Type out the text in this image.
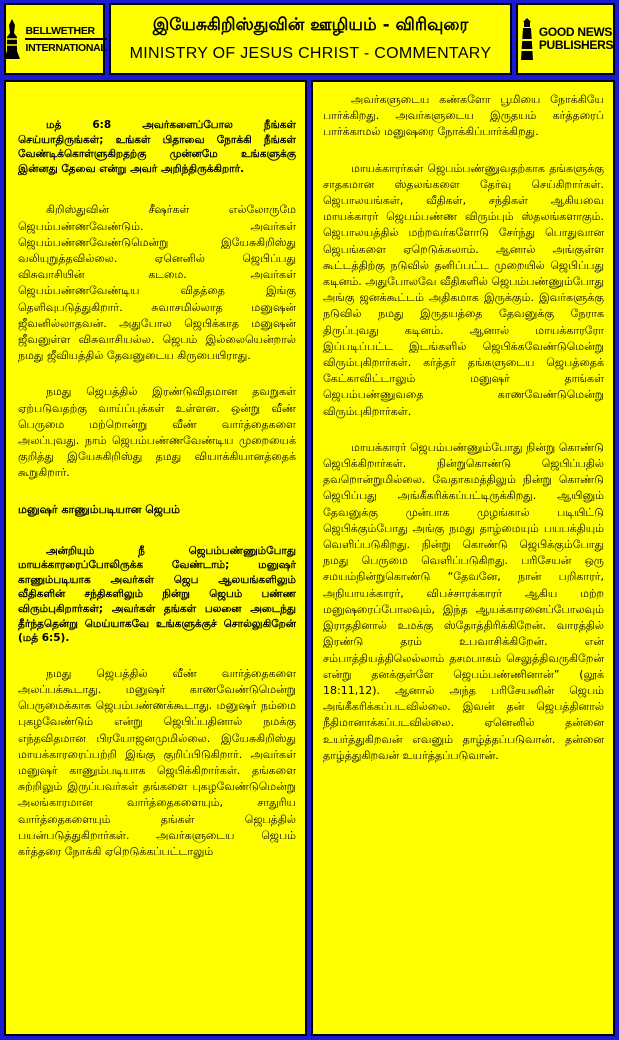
BELLWETHER
INTERNATIONAL
இயேசுகிறிஸ்துவின் ஊழியம் - விரிவுரை
MINISTRY OF JESUS CHRIST - COMMENTARY
GOOD NEWS
PUBLISHERS

மத் 6:8 அவர்களைப்போல நீங்கள் செய்யாதிருங்கள்; உங்கள் பிதாவை நோக்கி நீங்கள் வேண்டிக்கொள்ளுகிறதற்கு முன்னமே உங்களுக்கு இன்னது தேவை என்று அவர் அறிந்திருக்கிறார்.

கிறிஸ்துவின் சீஷர்கள் எல்லோருமே ஜெபம்பண்ணவேண்டும். அவர்கள் ஜெபம்பண்ணவேண்டுமென்று இயேசுகிறிஸ்து வலியுறுத்தவில்லை. ஏனெனில் ஜெபிப்பது விசுவாசியின் கடமை. அவர்கள் ஜெபம்பண்ணவேண்டிய விதத்தை இங்கு தெளிவுபடுத்துகிறார். சுவாசமில்லாத மனுஷன் ஜீவனில்லாதவன். அதுபோல ஜெபிக்காத மனுஷன் ஜீவனுள்ள விசுவாசியல்ல. ஜெபம் இல்லையென்றால் நமது ஜீவியத்தில் தேவனுடைய கிருபையிராது.

நமது ஜெபத்தில் இரண்டுவிதமான தவறுகள் ஏற்படுவதற்கு வாய்ப்புக்கள் உள்ளன. ஒன்று வீண் பெருமை மற்றொன்று வீண் வார்த்தைகளை அலப்புவது. நாம் ஜெபம்பண்ணவேண்டிய முறையைக் குறித்து இயேசுகிறிஸ்து தமது வியாக்கியானத்தைக் கூறுகிறார்.

மனுஷர் காணும்படியான ஜெபம்

அன்றியும் நீ ஜெபம்பண்ணும்போது மாயக்காரரைப்போலிருக்க வேண்டாம்; மனுஷர் காணும்படியாக அவர்கள் ஜெப ஆலயங்களிலும் வீதிகளின் சந்திகளிலும் நின்று ஜெபம் பண்ண விரும்புகிறார்கள்; அவர்கள் தங்கள் பலனை அடைந்து தீர்ந்ததென்று மெய்யாகவே உங்களுக்குச் சொல்லுகிறேன் (மத் 6:5).

நமது ஜெபத்தில் வீண் வார்த்தைகளை அலப்பக்கூடாது. மனுஷர் காணவேண்டுமென்று பெருமைக்காக ஜெபம்பண்ணக்கூடாது. மனுஷர் நம்மை புகழவேண்டும் என்று ஜெபிப்பதினால் நமக்கு எந்தவிதமான பிரயோஜனமுமில்லை. இயேசுகிறிஸ்து மாயக்காரரைப்பற்றி இங்கு குறிப்பிடுகிறார். அவர்கள் மனுஷர் காணும்படியாக ஜெபிக்கிறார்கள். தங்களை சுற்றிலும் இருப்பவர்கள் தங்களை புகழவேண்டுமென்று அலங்காரமான வார்த்தைகளையும், சாதுரிய வார்த்தைகளையும் தங்கள் ஜெபத்தில் பயன்படுத்துகிறார்கள். அவர்களுடைய ஜெபம் கர்த்தரை நோக்கி ஏறெடுக்கப்பட்டாலும்

அவர்களுடைய கண்களோ பூமியை நோக்கியே பார்க்கிறது. அவர்களுடைய இருதயம் கர்த்தரைப் பார்க்காமல் மனுஷரை நோக்கிப்பார்க்கிறது.

மாயக்காரர்கள் ஜெபம்பண்ணுவதற்காக தங்களுக்கு சாதகமான ஸ்தலங்களை தேர்வு செய்கிறார்கள். ஜெபாலயங்கள், வீதிகள், சந்திகள் ஆகியவை மாயக்காரர் ஜெபம்பண்ண விரும்பும் ஸ்தலங்களாகும். ஜெபாலயத்தில் மற்றவர்களோடு சேர்ந்து பொதுவான ஜெபங்களை ஏறெடுக்கலாம். ஆனால் அங்குள்ள கூட்டத்திற்கு நடுவில் தனிப்பட்ட முறையில் ஜெபிப்பது கடினம். அதுபோலவே வீதிகளில் ஜெபம்பண்ணும்போது அங்கு ஜனக்கூட்டம் அதிகமாக இருக்கும். இவர்களுக்கு நடுவில் நமது இருதயத்தை தேவனுக்கு நேராக திருப்புவது கடினம். ஆனால் மாயக்காரரோ இப்படிப்பட்ட இடங்களில் ஜெபிக்கவேண்டுமென்று விரும்புகிறார்கள். கர்த்தர் தங்களுடைய ஜெபத்தைக் கேட்காவிட்டாலும் மனுஷர் தாங்கள் ஜெபம்பண்ணுவதை காணவேண்டுமென்று விரும்புகிறார்கள்.

மாயக்காரர் ஜெபம்பண்ணும்போது நின்று கொண்டு ஜெபிக்கிறார்கள். நின்றுகொண்டு ஜெபிப்பதில் தவறொன்றுமில்லை. வேதாகமத்திலும் நின்று கொண்டு ஜெபிப்பது அங்கீகரிக்கப்பட்டிருக்கிறது. ஆயினும் தேவனுக்கு முன்பாக முழங்கால் படியிட்டு ஜெபிக்கும்போது அங்கு நமது தாழ்மையும் பயபக்தியும் வெளிப்படுகிறது. நின்று கொண்டு ஜெபிக்கும்போது நமது பெருமை வெளிப்படுகிறது. பரிசேயன் ஒரு சமயம்நின்றுகொண்டு “தேவனே, நான் பறிகாரர், அநியாயக்காரர், விபச்சாரக்காரர் ஆகிய மற்ற மனுஷரைப்போலவும், இந்த ஆயக்காரனைப்போலவும் இராததினால் உமக்கு ஸ்தோத்திரிக்கிறேன். வாரத்தில் இரண்டு தரம் உபவாசிக்கிறேன். என் சம்பாத்தியத்திலெல்லாம் தசமபாகம் செலுத்திவருகிறேன் என்று தனக்குள்ளே ஜெபம்பண்ணினான்” (லூக் 18:11,12). ஆனால் அந்த பரிசேயனின் ஜெபம் அங்கீகரிக்கப்படவில்லை. இவன் தன் ஜெபத்தினால் நீதிமானாக்கப்படவில்லை. ஏனெனில் தன்னை உயர்த்துகிறவன் எவனும் தாழ்த்தப்படுவான். தன்னை தாழ்த்துகிறவன் உயர்த்தப்படுவான்.
